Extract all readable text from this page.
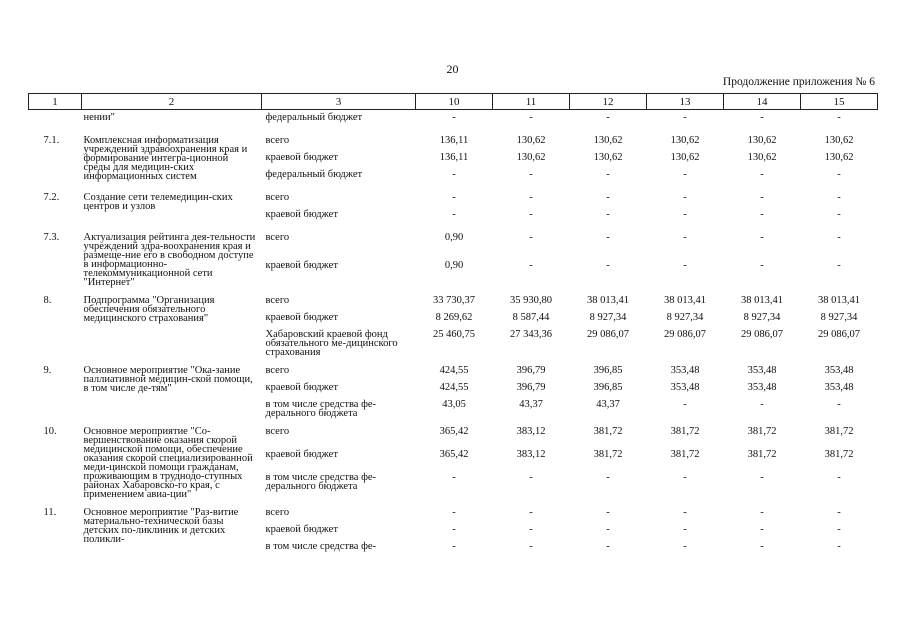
20
Продолжение приложения № 6
1	2	3	10	11	12	13	14	15
	нении"	федеральный бюджет	-	-	-	-	-	-

7.1.	Комплексная информатизация учреждений здравоохранения края и формирование интегра-ционной среды для медицин-ских информационных систем	всего	136,11	130,62	130,62	130,62	130,62	130,62
		краевой бюджет	136,11	130,62	130,62	130,62	130,62	130,62
		федеральный бюджет	-	-	-	-	-	-

7.2.	Создание сети телемедицин-ских центров и узлов	всего	-	-	-	-	-	-
		краевой бюджет	-	-	-	-	-	-

7.3.	Актуализация рейтинга дея-тельности учреждений здра-воохранения края и размеще-ние его в свободном доступе в информационно-телекоммуникационной сети "Интернет"	всего	0,90	-	-	-	-	-
		краевой бюджет	0,90	-	-	-	-	-

8.	Подпрограмма "Организация обеспечения обязательного медицинского страхования"	всего	33 730,37	35 930,80	38 013,41	38 013,41	38 013,41	38 013,41
		краевой бюджет	8 269,62	8 587,44	8 927,34	8 927,34	8 927,34	8 927,34
		Хабаровский краевой фонд обязательного ме-дицинского страхования	25 460,75	27 343,36	29 086,07	29 086,07	29 086,07	29 086,07

9.	Основное мероприятие "Ока-зание паллиативной медицин-ской помощи, в том числе де-тям"	всего	424,55	396,79	396,85	353,48	353,48	353,48
		краевой бюджет	424,55	396,79	396,85	353,48	353,48	353,48
		в том числе средства фе-дерального бюджета	43,05	43,37	43,37	-	-	-

10.	Основное мероприятие "Со-вершенствование оказания скорой медицинской помощи, обеспечение оказания скорой специализированной меди-цинской помощи гражданам, проживающим в труднодо-ступных районах Хабаровско-го края, с применением авиа-ции"	всего	365,42	383,12	381,72	381,72	381,72	381,72
		краевой бюджет	365,42	383,12	381,72	381,72	381,72	381,72
		в том числе средства фе-дерального бюджета	-	-	-	-	-	-

11.	Основное мероприятие "Раз-витие материально-технической базы детских по-ликлиник и детских поликли-	всего	-	-	-	-	-	-
		краевой бюджет	-	-	-	-	-	-
		в том числе средства фе-	-	-	-	-	-	-
